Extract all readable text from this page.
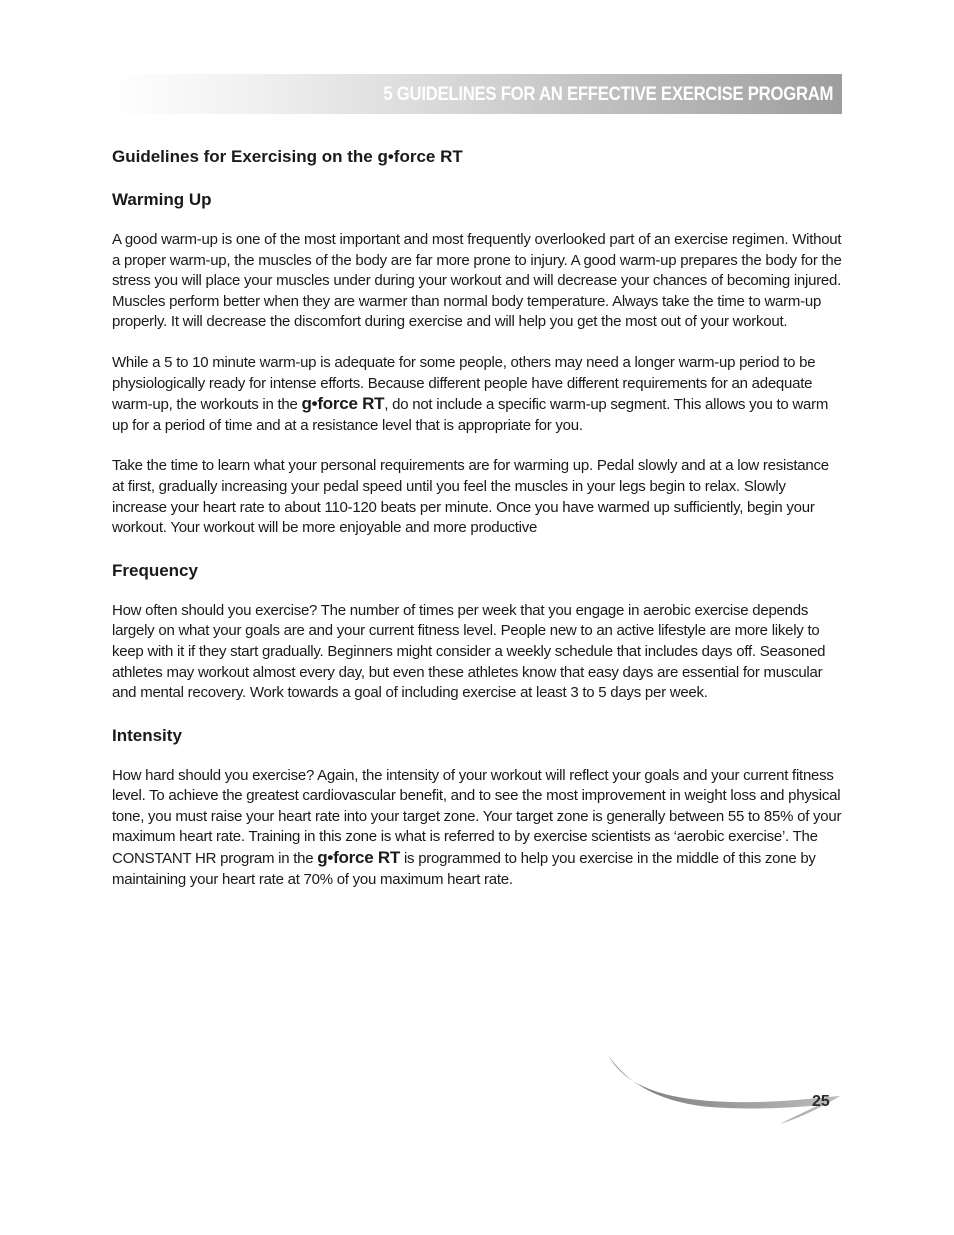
5 GUIDELINES FOR AN EFFECTIVE EXERCISE PROGRAM
Guidelines for Exercising on the g•force RT
Warming Up

A good warm-up is one of the most important and most frequently overlooked part of an exercise regimen. Without a proper warm-up, the muscles of the body are far more prone to injury. A good warm-up prepares the body for the stress you will place your muscles under during your workout and will decrease your chances of becoming injured. Muscles perform better when they are warmer than normal body temperature. Always take the time to warm-up properly. It will decrease the discomfort during exercise and will help you get the most out of your workout.

While a 5 to 10 minute warm-up is adequate for some people, others may need a longer warm-up period to be physiologically ready for intense efforts. Because different people have different requirements for an adequate warm-up, the workouts in the g•force RT, do not include a specific warm-up segment. This allows you to warm up for a period of time and at a resistance level that is appropriate for you.

Take the time to learn what your personal requirements are for warming up. Pedal slowly and at a low resistance at first, gradually increasing your pedal speed until you feel the muscles in your legs begin to relax. Slowly increase your heart rate to about 110-120 beats per minute. Once you have warmed up sufficiently, begin your workout. Your workout will be more enjoyable and more productive

Frequency

How often should you exercise? The number of times per week that you engage in aerobic exercise depends largely on what your goals are and your current fitness level. People new to an active lifestyle are more likely to keep with it if they start gradually. Beginners might consider a weekly schedule that includes days off. Seasoned athletes may workout almost every day, but even these athletes know that easy days are essential for muscular and mental recovery. Work towards a goal of including exercise at least 3 to 5 days per week.

Intensity

How hard should you exercise? Again, the intensity of your workout will reflect your goals and your current fitness level. To achieve the greatest cardiovascular benefit, and to see the most improvement in weight loss and physical tone, you must raise your heart rate into your target zone. Your target zone is generally between 55 to 85% of your maximum heart rate. Training in this zone is what is referred to by exercise scientists as ‘aerobic exercise’. The CONSTANT HR program in the g•force RT is programmed to help you exercise in the middle of this zone by maintaining your heart rate at 70% of you maximum heart rate.

25
